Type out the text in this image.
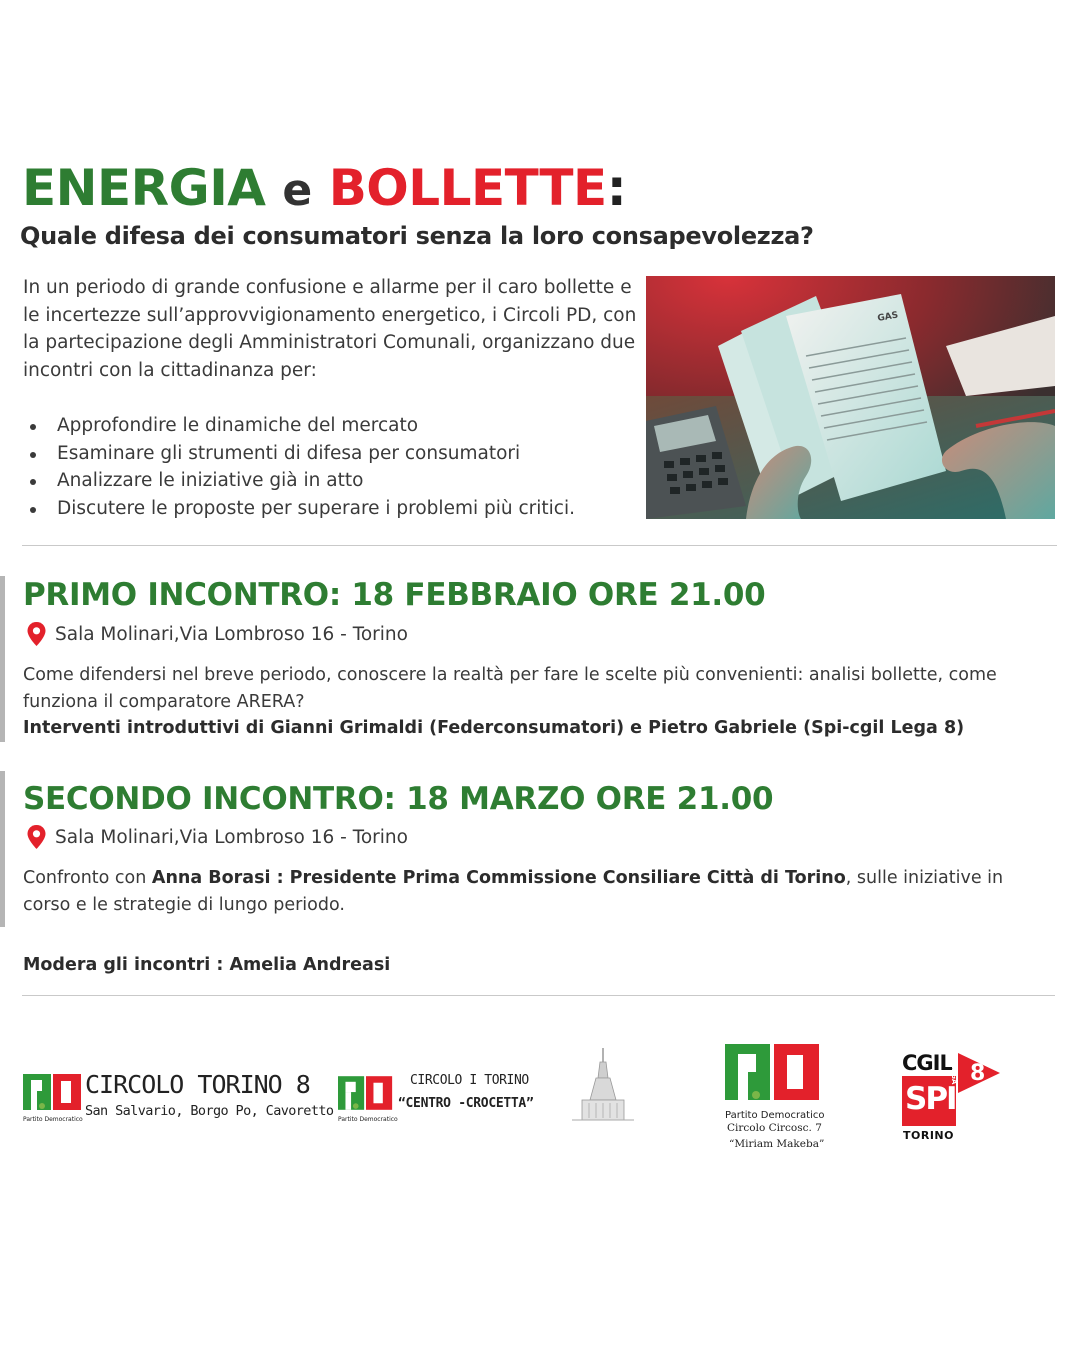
ENERGIA e BOLLETTE:
Quale difesa dei consumatori senza la loro consapevolezza?
In un periodo di grande confusione e allarme per il caro bollette e le incertezze sull’approvvigionamento energetico, i Circoli PD, con la partecipazione degli Amministratori Comunali, organizzano due incontri con la cittadinanza per:
Approfondire le dinamiche del mercato
Esaminare gli strumenti di difesa per consumatori
Analizzare le iniziative già in atto
Discutere le proposte per superare i problemi più critici.
GAS
PRIMO INCONTRO: 18 FEBBRAIO ORE 21.00
Sala Molinari,Via Lombroso 16 - Torino
Come difendersi nel breve periodo, conoscere la realtà per fare le scelte più convenienti: analisi bollette, come funziona il comparatore ARERA?
Interventi introduttivi di Gianni Grimaldi (Federconsumatori) e Pietro Gabriele (Spi-cgil Lega 8)
SECONDO INCONTRO: 18 MARZO ORE 21.00
Sala Molinari,Via Lombroso 16 - Torino
Confronto con Anna Borasi : Presidente Prima Commissione Consiliare Città di Torino, sulle iniziative in corso e le strategie di lungo periodo.
Modera gli incontri : Amelia Andreasi
Partito Democratico
CIRCOLO TORINO 8
San Salvario, Borgo Po, Cavoretto
Partito Democratico
CIRCOLO I TORINO
“CENTRO -CROCETTA”
Partito Democratico
Circolo Circosc. 7
“Miriam Makeba”
CGIL
SPI
LEGA 8
TORINO
